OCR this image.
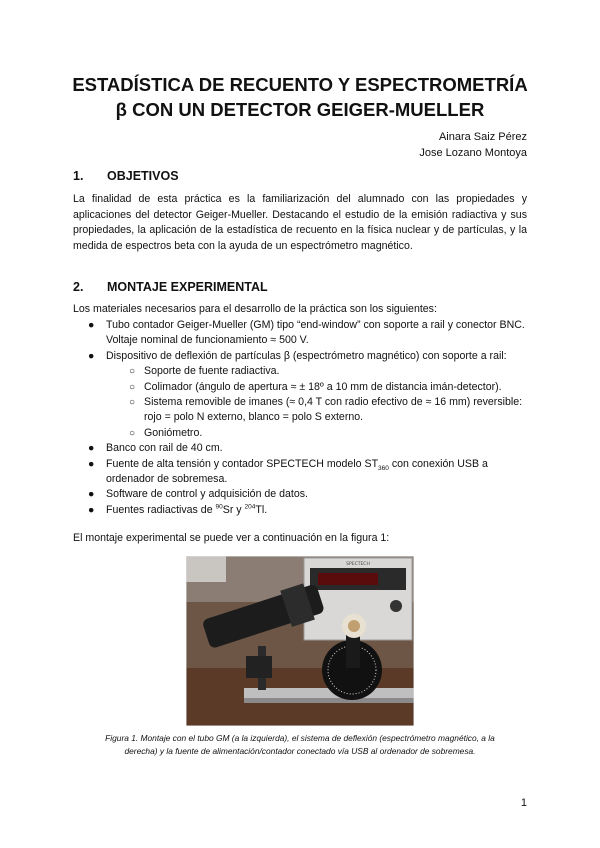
ESTADÍSTICA DE RECUENTO Y ESPECTROMETRÍA
β CON UN DETECTOR GEIGER-MUELLER
Ainara Saiz Pérez
Jose Lozano Montoya
1. OBJETIVOS
La finalidad de esta práctica es la familiarización del alumnado con las propiedades y aplicaciones del detector Geiger-Mueller. Destacando el estudio de la emisión radiactiva y sus propiedades, la aplicación de la estadística de recuento en la física nuclear y de partículas, y la medida de espectros beta con la ayuda de un espectrómetro magnético.
2. MONTAJE EXPERIMENTAL
Los materiales necesarios para el desarrollo de la práctica son los siguientes:
● Tubo contador Geiger-Mueller (GM) tipo “end-window” con soporte a rail y conector BNC. Voltaje nominal de funcionamiento ≈ 500 V.
● Dispositivo de deflexión de partículas β (espectrómetro magnético) con soporte a rail:
○ Soporte de fuente radiactiva.
○ Colimador (ángulo de apertura ≈ ± 18º a 10 mm de distancia imán-detector).
○ Sistema removible de imanes (≈ 0,4 T con radio efectivo de ≈ 16 mm) reversible: rojo = polo N externo, blanco = polo S externo.
○ Goniómetro.
● Banco con rail de 40 cm.
● Fuente de alta tensión y contador SPECTECH modelo $ST_{360}$ con conexión USB a ordenador de sobremesa.
● Software de control y adquisición de datos.
● Fuentes radiactivas de $^{90}$Sr y $^{204}$Tl.
El montaje experimental se puede ver a continuación en la figura 1:
SPECTECH
Figura 1. Montaje con el tubo GM (a la izquierda), el sistema de deflexión (espectrómetro magnético, a la
derecha) y la fuente de alimentación/contador conectado vía USB al ordenador de sobremesa.
1
